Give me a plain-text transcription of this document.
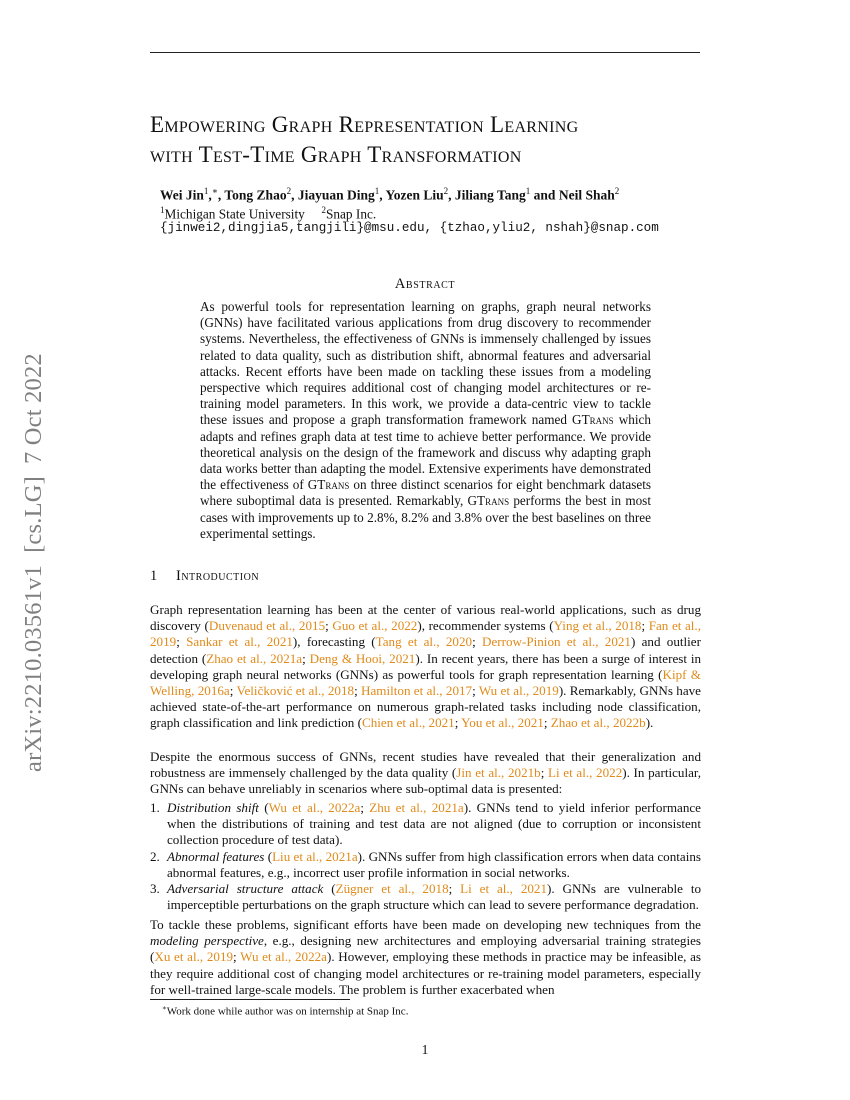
arXiv:2210.03561v1[cs.LG]7 Oct 2022
Empowering Graph Representation Learning
with Test-Time Graph Transformation
Wei Jin$^1$,∗, Tong Zhao$^2$, Jiayuan Ding$^1$, Yozen Liu$^2$, Jiliang Tang$^1$ and Neil Shah$^2$
$^1$Michigan State University $^2$Snap Inc.
{jinwei2,dingjia5,tangjili}@msu.edu, {tzhao,yliu2, nshah}@snap.com
Abstract
As powerful tools for representation learning on graphs, graph neural networks (GNNs) have facilitated various applications from drug discovery to recommender systems. Nevertheless, the effectiveness of GNNs is immensely challenged by issues related to data quality, such as distribution shift, abnormal features and adversarial attacks. Recent efforts have been made on tackling these issues from a modeling perspective which requires additional cost of changing model architectures or re-training model parameters. In this work, we provide a data-centric view to tackle these issues and propose a graph transformation framework named GTrans which adapts and refines graph data at test time to achieve better performance. We provide theoretical analysis on the design of the framework and discuss why adapting graph data works better than adapting the model. Extensive experiments have demonstrated the effectiveness of GTrans on three distinct scenarios for eight benchmark datasets where suboptimal data is presented. Remarkably, GTrans performs the best in most cases with improvements up to 2.8%, 8.2% and 3.8% over the best baselines on three experimental settings.
1 Introduction
Graph representation learning has been at the center of various real-world applications, such as drug discovery (Duvenaud et al., 2015; Guo et al., 2022), recommender systems (Ying et al., 2018; Fan et al., 2019; Sankar et al., 2021), forecasting (Tang et al., 2020; Derrow-Pinion et al., 2021) and outlier detection (Zhao et al., 2021a; Deng & Hooi, 2021). In recent years, there has been a surge of interest in developing graph neural networks (GNNs) as powerful tools for graph representation learning (Kipf & Welling, 2016a; Veličković et al., 2018; Hamilton et al., 2017; Wu et al., 2019). Remarkably, GNNs have achieved state-of-the-art performance on numerous graph-related tasks including node classification, graph classification and link prediction (Chien et al., 2021; You et al., 2021; Zhao et al., 2022b).
Despite the enormous success of GNNs, recent studies have revealed that their generalization and robustness are immensely challenged by the data quality (Jin et al., 2021b; Li et al., 2022). In particular, GNNs can behave unreliably in scenarios where sub-optimal data is presented:
1. Distribution shift (Wu et al., 2022a; Zhu et al., 2021a). GNNs tend to yield inferior performance when the distributions of training and test data are not aligned (due to corruption or inconsistent collection procedure of test data).
2. Abnormal features (Liu et al., 2021a). GNNs suffer from high classification errors when data contains abnormal features, e.g., incorrect user profile information in social networks.
3. Adversarial structure attack (Zügner et al., 2018; Li et al., 2021). GNNs are vulnerable to imperceptible perturbations on the graph structure which can lead to severe performance degradation.
To tackle these problems, significant efforts have been made on developing new techniques from the modeling perspective, e.g., designing new architectures and employing adversarial training strategies (Xu et al., 2019; Wu et al., 2022a). However, employing these methods in practice may be infeasible, as they require additional cost of changing model architectures or re-training model parameters, especially for well-trained large-scale models. The problem is further exacerbated when
∗Work done while author was on internship at Snap Inc.
1
